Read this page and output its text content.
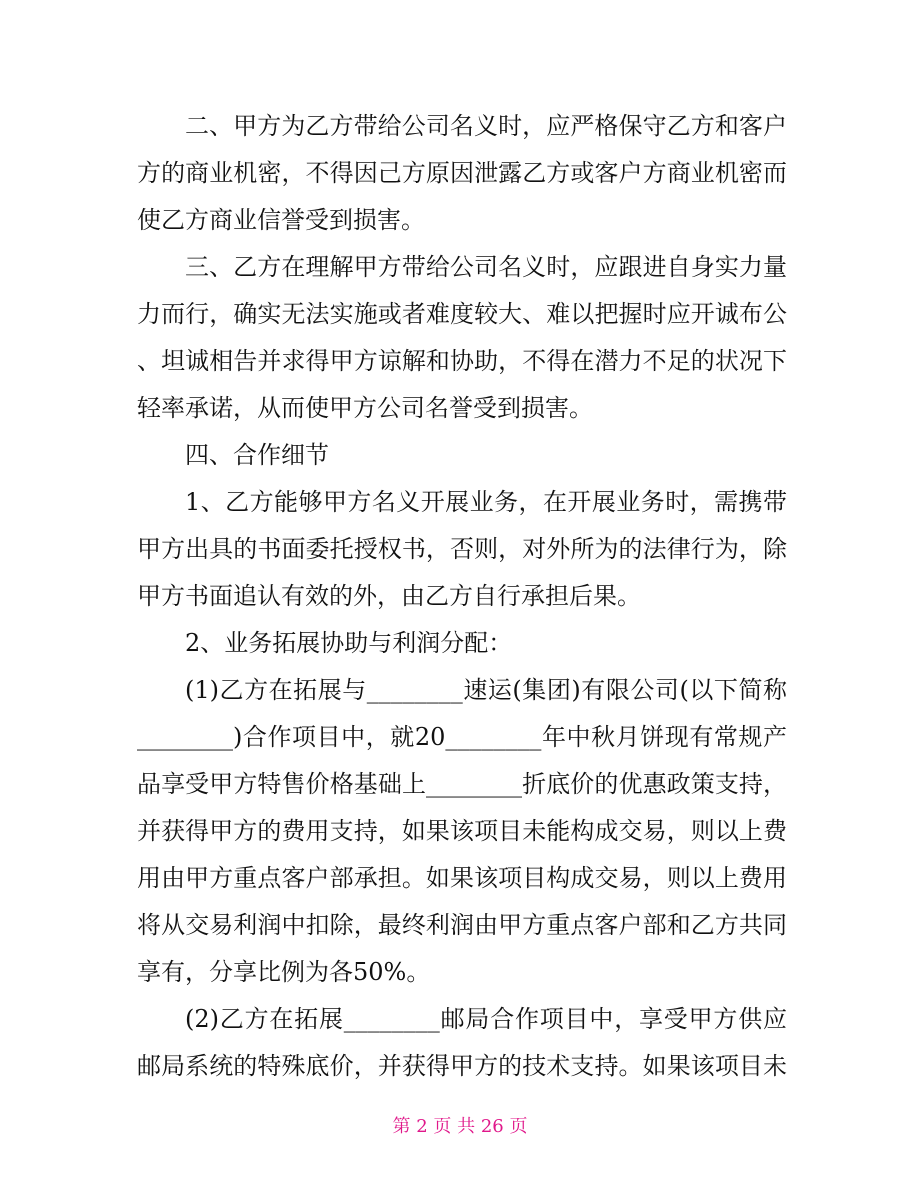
二、甲方为乙方带给公司名义时，应严格保守乙方和客户
方的商业机密，不得因己方原因泄露乙方或客户方商业机密而
使乙方商业信誉受到损害。
三、乙方在理解甲方带给公司名义时，应跟进自身实力量
力而行，确实无法实施或者难度较大、难以把握时应开诚布公
、坦诚相告并求得甲方谅解和协助，不得在潜力不足的状况下
轻率承诺，从而使甲方公司名誉受到损害。
四、合作细节
1、乙方能够甲方名义开展业务，在开展业务时，需携带
甲方出具的书面委托授权书，否则，对外所为的法律行为，除
甲方书面追认有效的外，由乙方自行承担后果。
2、业务拓展协助与利润分配：
(1)乙方在拓展与________速运(集团)有限公司(以下简称
________)合作项目中，就20________年中秋月饼现有常规产
品享受甲方特售价格基础上________折底价的优惠政策支持，
并获得甲方的费用支持，如果该项目未能构成交易，则以上费
用由甲方重点客户部承担。如果该项目构成交易，则以上费用
将从交易利润中扣除，最终利润由甲方重点客户部和乙方共同
享有，分享比例为各50%。
(2)乙方在拓展________邮局合作项目中，享受甲方供应
邮局系统的特殊底价，并获得甲方的技术支持。如果该项目未
第 2 页 共 26 页
